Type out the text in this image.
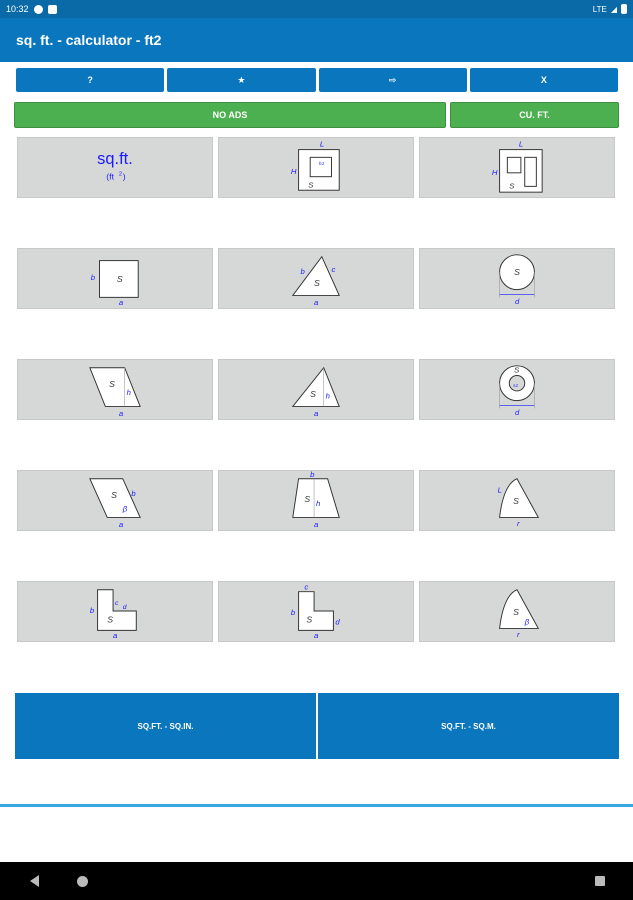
10:32	LTE ◢
sq. ft. - calculator - ft2
?	★	⇨	X
NO ADS	CU. FT.
sq.ft.
(ft 2 )
L
H
S
h1
L
H
S
S
b
a
S
b	c
a
S
d
S
h
a
S h
a
S
s1
d
S b
β
a
S
b
h
a
S
L
r
S
b
c
d
a
S
b
c
d
a
S
β
r
SQ.FT. - SQ.IN.	SQ.FT. - SQ.M.
